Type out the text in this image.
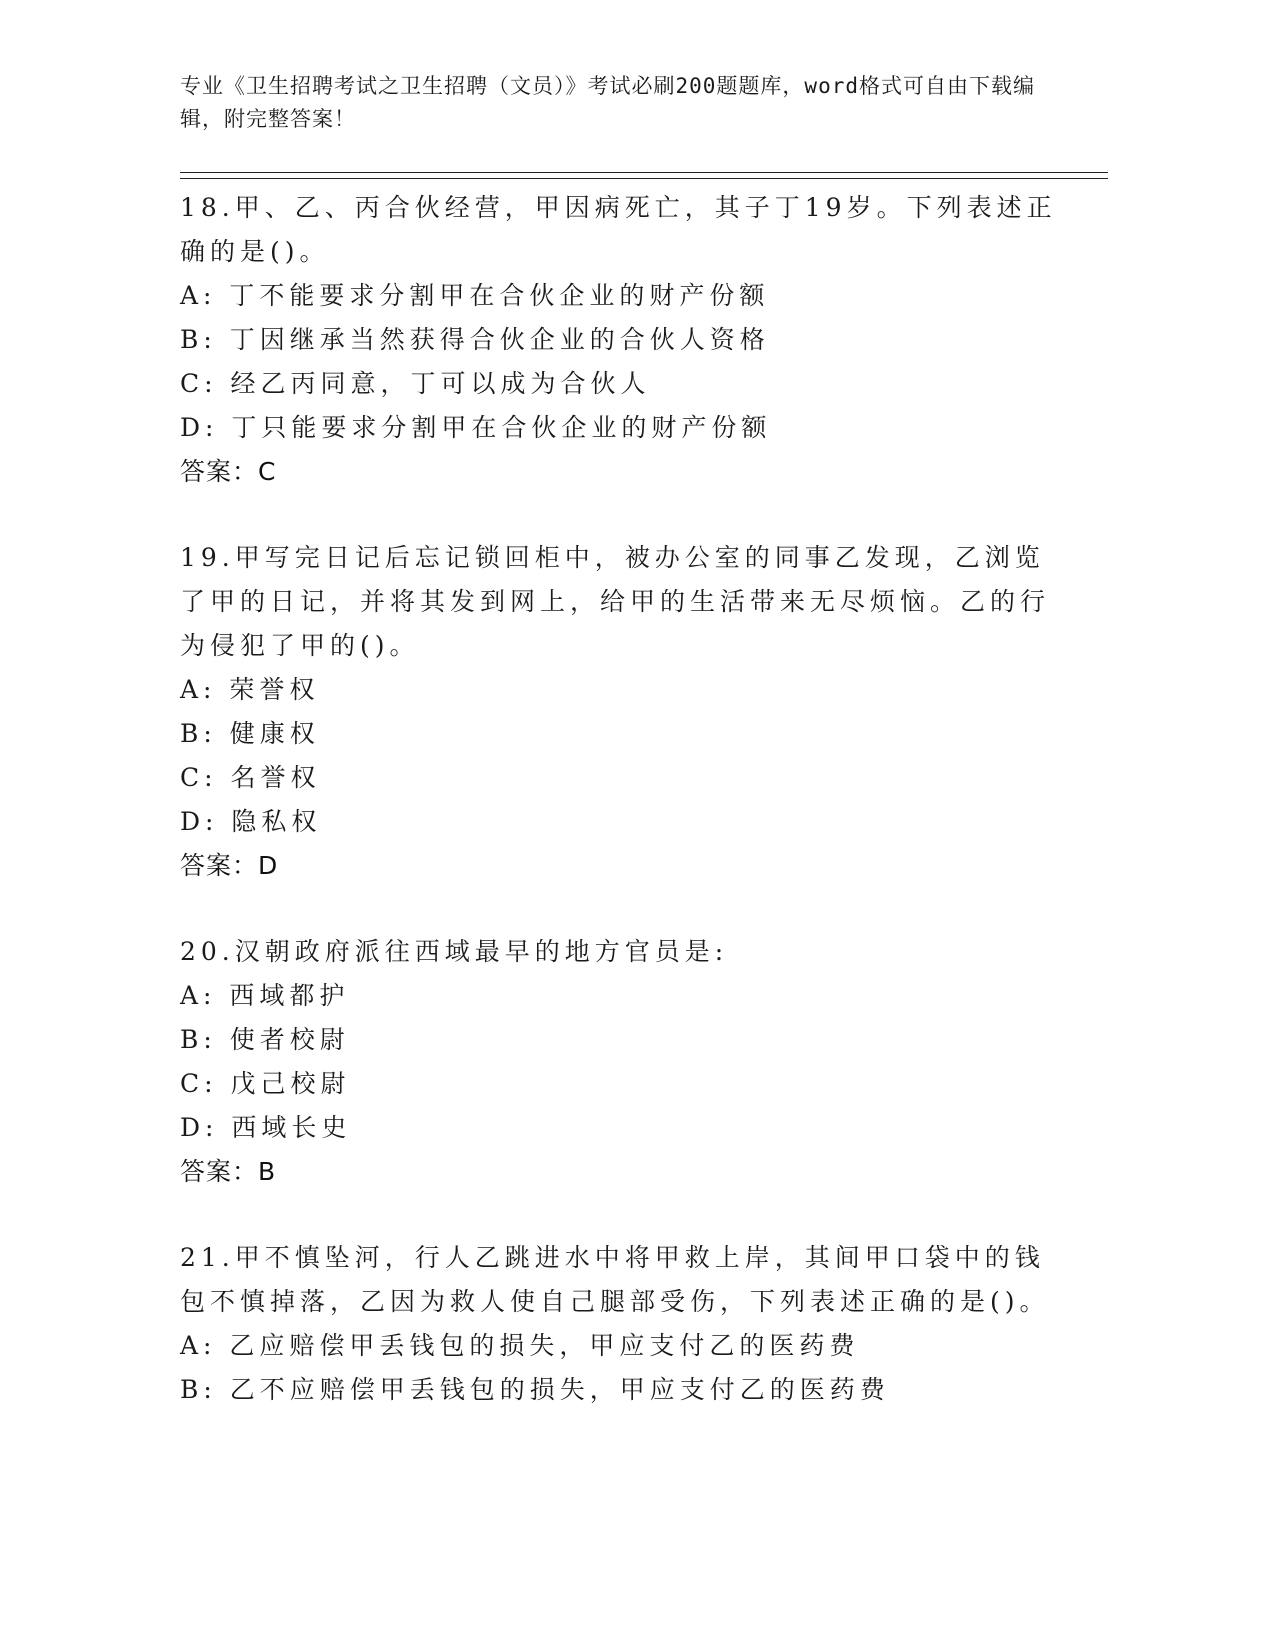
专业《卫生招聘考试之卫生招聘（文员）》考试必刷200题题库，word格式可自由下载编辑，附完整答案！

18.甲、乙、丙合伙经营，甲因病死亡，其子丁19岁。下列表述正确的是()。

A: 丁不能要求分割甲在合伙企业的财产份额

B: 丁因继承当然获得合伙企业的合伙人资格

C: 经乙丙同意，丁可以成为合伙人

D: 丁只能要求分割甲在合伙企业的财产份额

答案：C

19.甲写完日记后忘记锁回柜中，被办公室的同事乙发现，乙浏览了甲的日记，并将其发到网上，给甲的生活带来无尽烦恼。乙的行为侵犯了甲的()。

A: 荣誉权

B: 健康权

C: 名誉权

D: 隐私权

答案：D

20.汉朝政府派往西域最早的地方官员是:

A: 西域都护

B: 使者校尉

C: 戊己校尉

D: 西域长史

答案：B

21.甲不慎坠河，行人乙跳进水中将甲救上岸，其间甲口袋中的钱包不慎掉落，乙因为救人使自己腿部受伤，下列表述正确的是()。

A: 乙应赔偿甲丢钱包的损失，甲应支付乙的医药费

B: 乙不应赔偿甲丢钱包的损失，甲应支付乙的医药费
